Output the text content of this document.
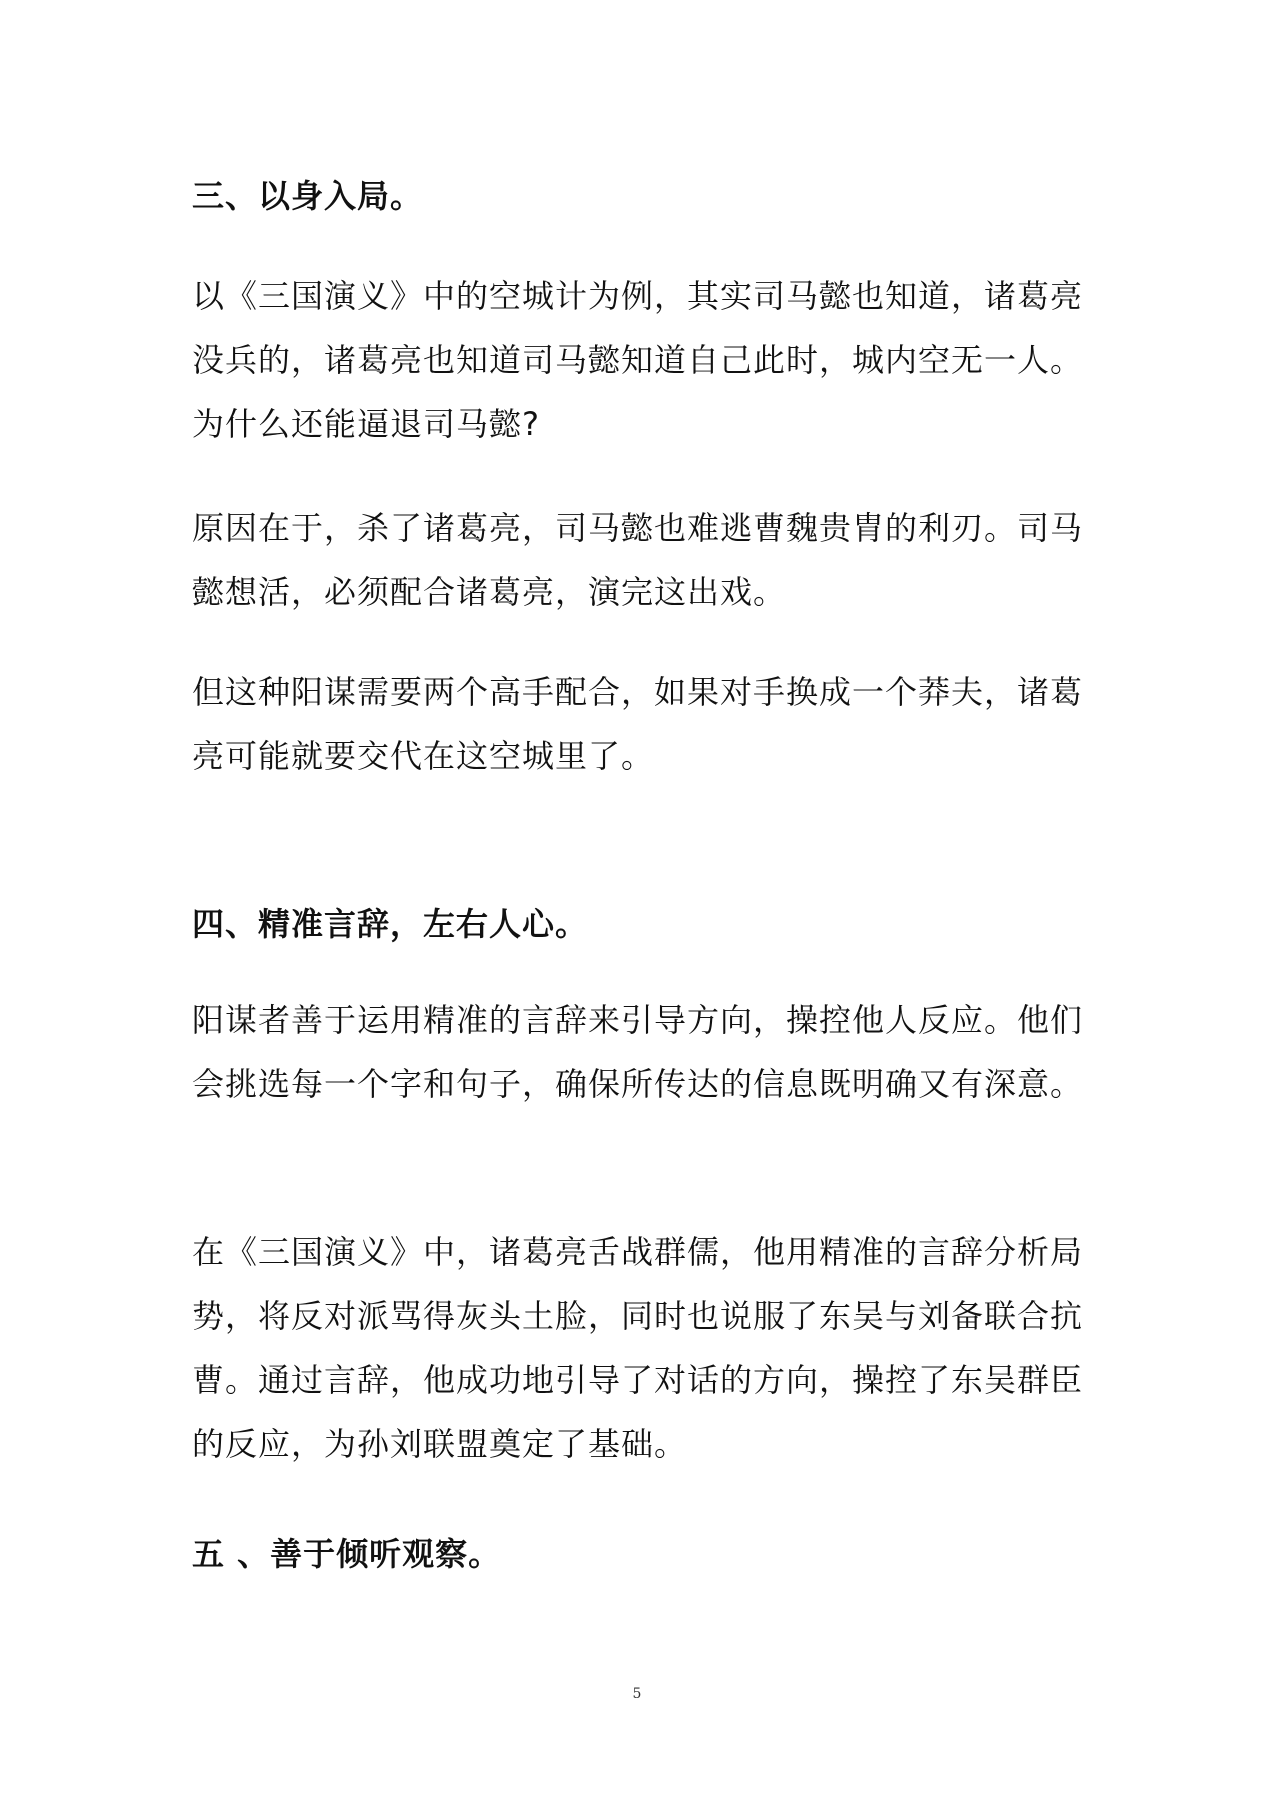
三、以身入局。

以《三国演义》中的空城计为例，其实司马懿也知道，诸葛亮没兵的，诸葛亮也知道司马懿知道自己此时，城内空无一人。为什么还能逼退司马懿?

原因在于，杀了诸葛亮，司马懿也难逃曹魏贵胄的利刃。司马懿想活，必须配合诸葛亮，演完这出戏。

但这种阳谋需要两个高手配合，如果对手换成一个莽夫，诸葛亮可能就要交代在这空城里了。

四、精准言辞，左右人心。

阳谋者善于运用精准的言辞来引导方向，操控他人反应。他们会挑选每一个字和句子，确保所传达的信息既明确又有深意。

在《三国演义》中，诸葛亮舌战群儒，他用精准的言辞分析局势，将反对派骂得灰头土脸，同时也说服了东吴与刘备联合抗曹。通过言辞，他成功地引导了对话的方向，操控了东吴群臣的反应，为孙刘联盟奠定了基础。

五 、善于倾听观察。
5
